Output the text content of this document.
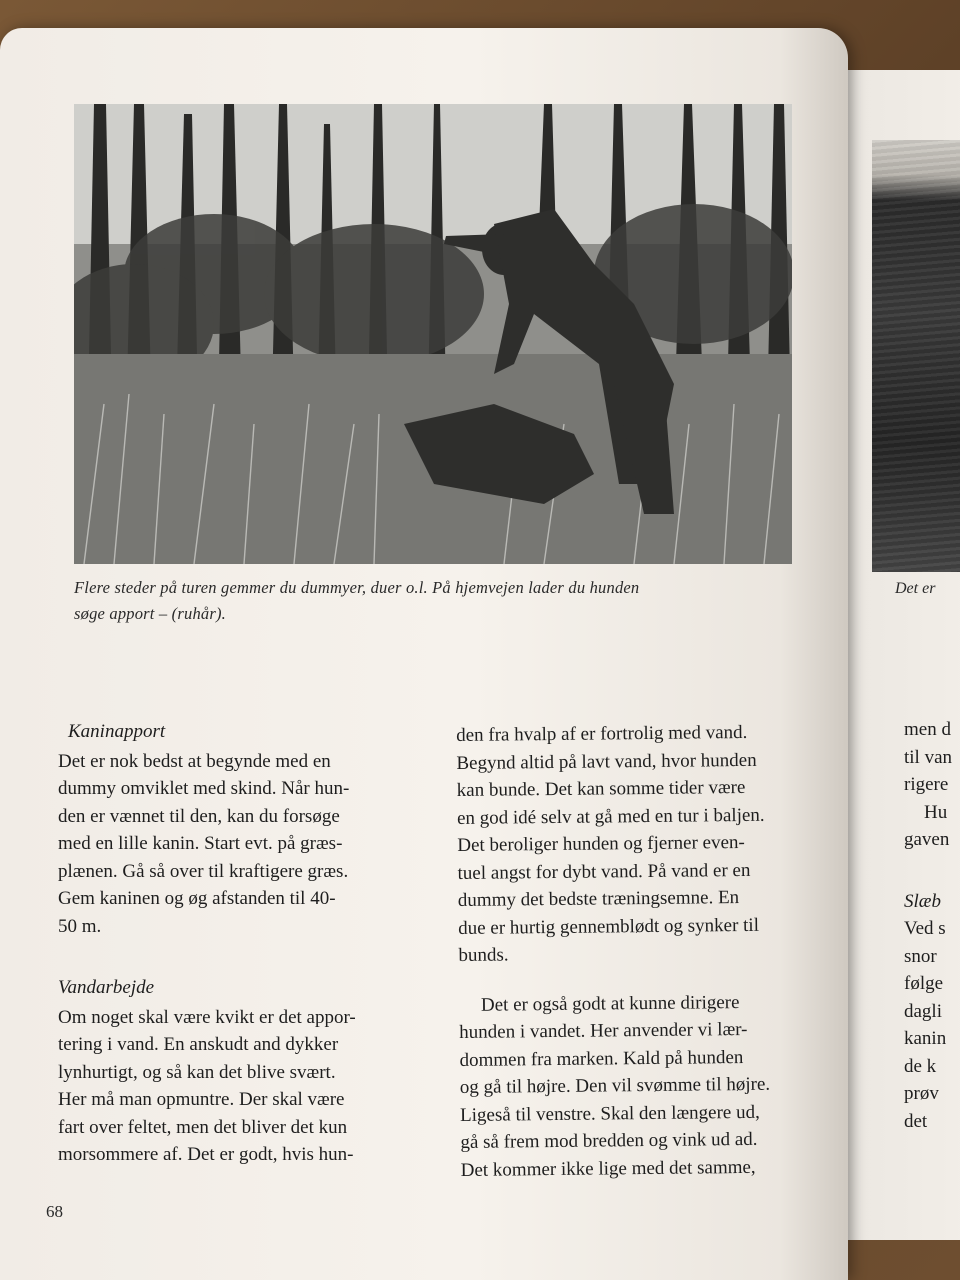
Det er

men d

til van

rigere

Hu

gaven

Slæb

Ved s

snor

følge

dagli

kanin

de k

prøv

det

Flere steder på turen gemmer du dummyer, duer o.l. På hjemvejen lader du hunden
søge apport – (ruhår).

Kaninapport

Det er nok bedst at begynde med en

dummy omviklet med skind. Når hun-

den er vænnet til den, kan du forsøge

med en lille kanin. Start evt. på græs-

plænen. Gå så over til kraftigere græs.

Gem kaninen og øg afstanden til 40-

50 m.

Vandarbejde

Om noget skal være kvikt er det appor-

tering i vand. En anskudt and dykker

lynhurtigt, og så kan det blive svært.

Her må man opmuntre. Der skal være

fart over feltet, men det bliver det kun

morsommere af. Det er godt, hvis hun-

den fra hvalp af er fortrolig med vand.

Begynd altid på lavt vand, hvor hunden

kan bunde. Det kan somme tider være

en god idé selv at gå med en tur i baljen.

Det beroliger hunden og fjerner even-

tuel angst for dybt vand. På vand er en

dummy det bedste træningsemne. En

due er hurtig gennemblødt og synker til

bunds.

Det er også godt at kunne dirigere

hunden i vandet. Her anvender vi lær-

dommen fra marken. Kald på hunden

og gå til højre. Den vil svømme til højre.

Ligeså til venstre. Skal den længere ud,

gå så frem mod bredden og vink ud ad.

Det kommer ikke lige med det samme,

68
